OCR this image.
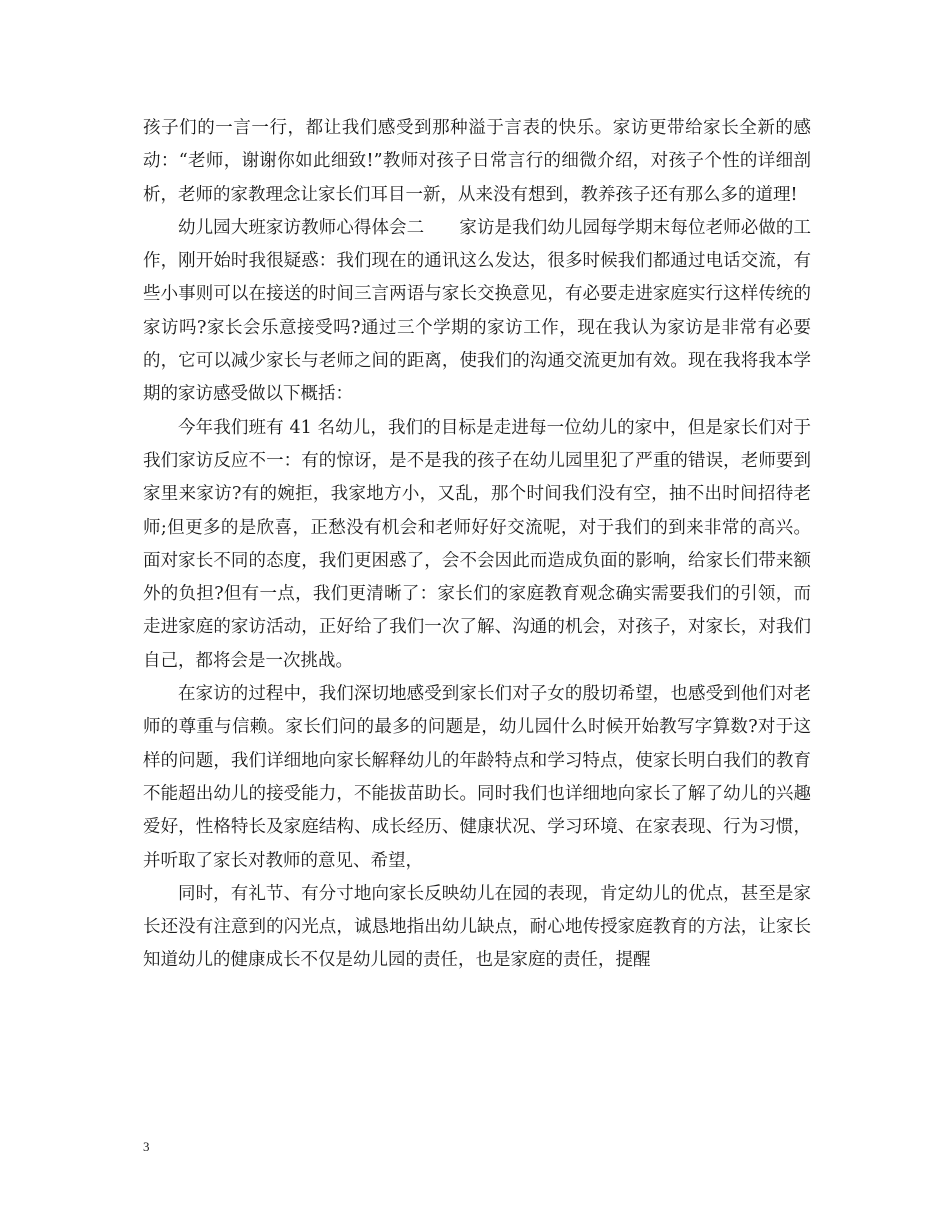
孩子们的一言一行，都让我们感受到那种溢于言表的快乐。家访更带给家长全新的感动：“老师，谢谢你如此细致!”教师对孩子日常言行的细微介绍，对孩子个性的详细剖析，老师的家教理念让家长们耳目一新，从来没有想到，教养孩子还有那么多的道理!

幼儿园大班家访教师心得体会二　　家访是我们幼儿园每学期末每位老师必做的工作，刚开始时我很疑惑：我们现在的通讯这么发达，很多时候我们都通过电话交流，有些小事则可以在接送的时间三言两语与家长交换意见，有必要走进家庭实行这样传统的家访吗?家长会乐意接受吗?通过三个学期的家访工作，现在我认为家访是非常有必要的，它可以减少家长与老师之间的距离，使我们的沟通交流更加有效。现在我将我本学期的家访感受做以下概括：

今年我们班有 41 名幼儿，我们的目标是走进每一位幼儿的家中，但是家长们对于我们家访反应不一：有的惊讶，是不是我的孩子在幼儿园里犯了严重的错误，老师要到家里来家访?有的婉拒，我家地方小，又乱，那个时间我们没有空，抽不出时间招待老师;但更多的是欣喜，正愁没有机会和老师好好交流呢，对于我们的到来非常的高兴。面对家长不同的态度，我们更困惑了，会不会因此而造成负面的影响，给家长们带来额外的负担?但有一点，我们更清晰了：家长们的家庭教育观念确实需要我们的引领，而走进家庭的家访活动，正好给了我们一次了解、沟通的机会，对孩子，对家长，对我们自己，都将会是一次挑战。

在家访的过程中，我们深切地感受到家长们对子女的殷切希望，也感受到他们对老师的尊重与信赖。家长们问的最多的问题是，幼儿园什么时候开始教写字算数?对于这样的问题，我们详细地向家长解释幼儿的年龄特点和学习特点，使家长明白我们的教育不能超出幼儿的接受能力，不能拔苗助长。同时我们也详细地向家长了解了幼儿的兴趣爱好，性格特长及家庭结构、成长经历、健康状况、学习环境、在家表现、行为习惯，并听取了家长对教师的意见、希望，

同时，有礼节、有分寸地向家长反映幼儿在园的表现，肯定幼儿的优点，甚至是家长还没有注意到的闪光点，诚恳地指出幼儿缺点，耐心地传授家庭教育的方法，让家长知道幼儿的健康成长不仅是幼儿园的责任，也是家庭的责任，提醒

3
